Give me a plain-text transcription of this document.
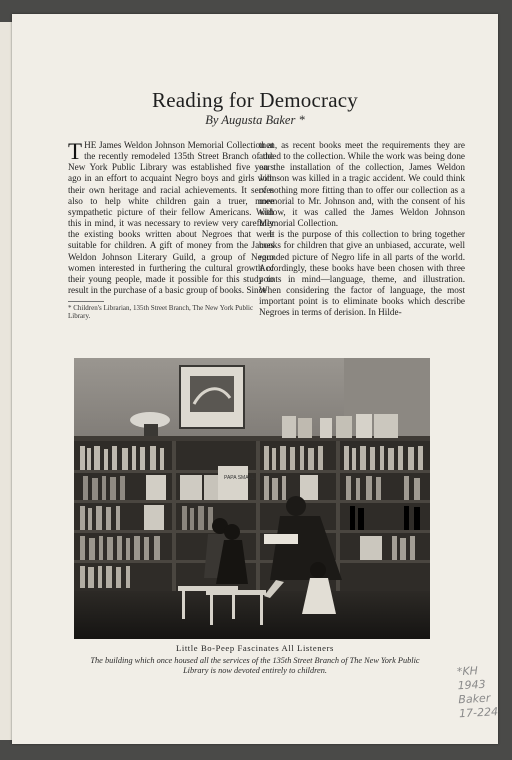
Reading for Democracy
By Augusta Baker *

THE James Weldon Johnson Memorial Collection at the recently remodeled 135th Street Branch of the New York Public Library was established five years ago in an effort to acquaint Negro boys and girls with their own heritage and racial achievements. It serves also to help white children gain a truer, more sympathetic picture of their fellow Americans. With this in mind, it was necessary to review very carefully the existing books written about Negroes that were suitable for children. A gift of money from the James Weldon Johnson Literary Guild, a group of Negro women interested in furthering the cultural growth of their young people, made it possible for this study to result in the purchase of a basic group of books. Since

* Children's Librarian, 135th Street Branch, The New York Public Library.

then, as recent books meet the requirements they are added to the collection. While the work was being done on the installation of the collection, James Weldon Johnson was killed in a tragic accident. We could think of nothing more fitting than to offer our collection as a memorial to Mr. Johnson and, with the consent of his widow, it was called the James Weldon Johnson Memorial Collection.

It is the purpose of this collection to bring together books for children that give an unbiased, accurate, well rounded picture of Negro life in all parts of the world. Accordingly, these books have been chosen with three points in mind—language, theme, and illustration. When considering the factor of language, the most important point is to eliminate books which describe Negroes in terms of derision. In Hilde-

PAPA SMALL
Little Bo-Peep Fascinates All Listeners
The building which once housed all the services of the 135th Street Branch of The New York Public Library is now devoted entirely to children.	*KH
1943
Baker
17-224
